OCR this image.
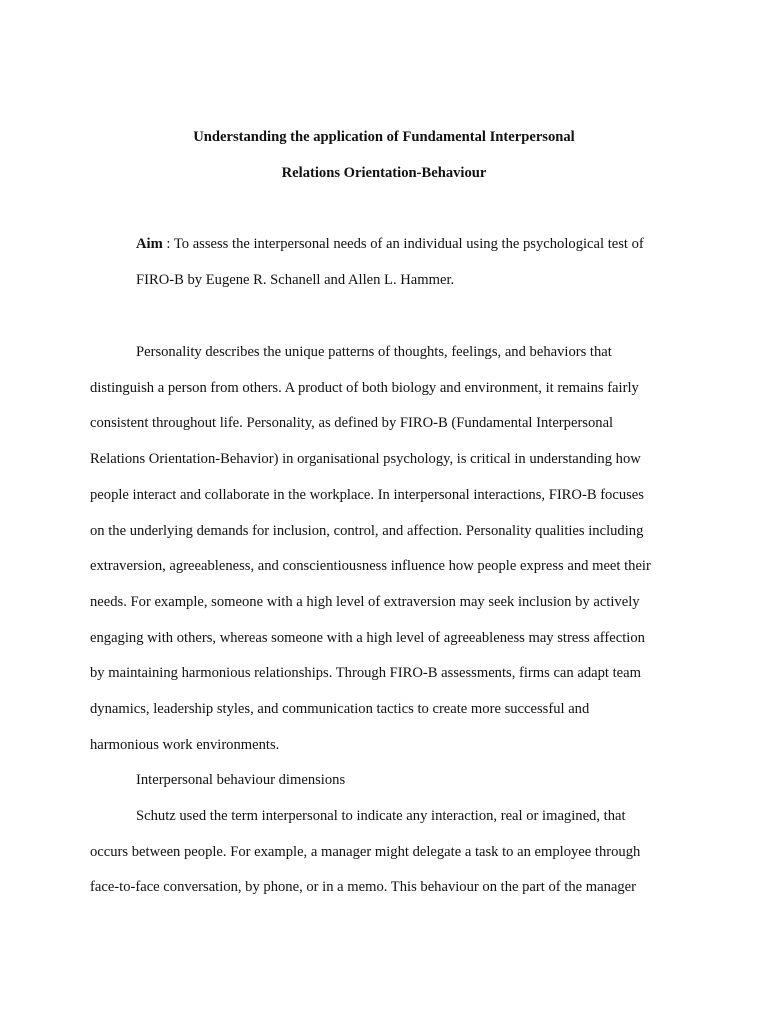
Understanding the application of Fundamental Interpersonal
Relations Orientation-Behaviour
Aim : To assess the interpersonal needs of an individual using the psychological test of
FIRO-B by Eugene R. Schanell and Allen L. Hammer.
Personality describes the unique patterns of thoughts, feelings, and behaviors that
distinguish a person from others. A product of both biology and environment, it remains fairly
consistent throughout life. Personality, as defined by FIRO-B (Fundamental Interpersonal
Relations Orientation-Behavior) in organisational psychology, is critical in understanding how
people interact and collaborate in the workplace. In interpersonal interactions, FIRO-B focuses
on the underlying demands for inclusion, control, and affection. Personality qualities including
extraversion, agreeableness, and conscientiousness influence how people express and meet their
needs. For example, someone with a high level of extraversion may seek inclusion by actively
engaging with others, whereas someone with a high level of agreeableness may stress affection
by maintaining harmonious relationships. Through FIRO-B assessments, firms can adapt team
dynamics, leadership styles, and communication tactics to create more successful and
harmonious work environments.
Interpersonal behaviour dimensions
Schutz used the term interpersonal to indicate any interaction, real or imagined, that
occurs between people. For example, a manager might delegate a task to an employee through
face-to-face conversation, by phone, or in a memo. This behaviour on the part of the manager
